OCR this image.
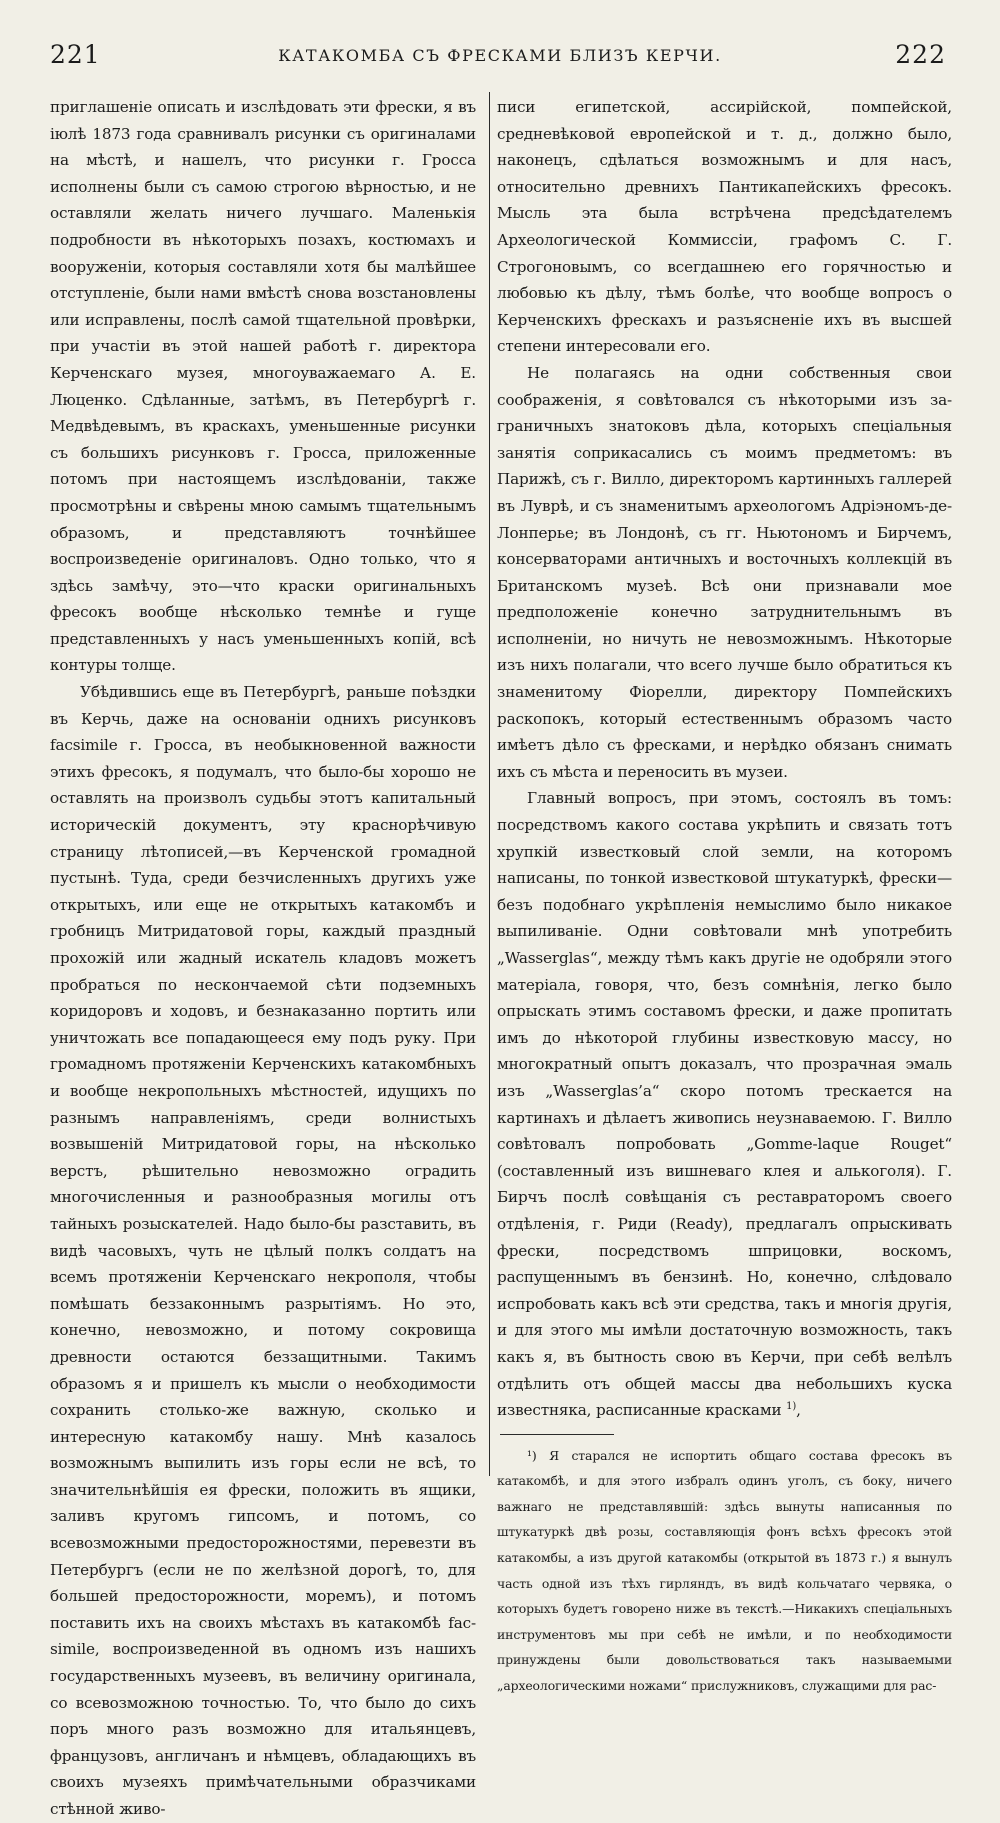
221	КАТАКОМБА СЪ ФРЕСКАМИ БЛИЗЪ КЕРЧИ.	222

приглашеніе описать и изслѣдовать эти фрески, я въ іюлѣ 1873 года сравнивалъ рисунки съ оригиналами на мѣстѣ, и нашелъ, что рисунки г. Гросса исполнены были съ самою строгою вѣрностью, и не оставляли желать ничего лучшаго. Маленькія подробности въ нѣкоторыхъ позахъ, костюмахъ и вооруженіи, которыя составляли хотя бы малѣйшее отступленіе, были нами вмѣстѣ снова возстановлены или исправлены, послѣ самой тщательной провѣрки, при участіи въ этой нашей работѣ г. директора Керченскаго музея, многоуважаемаго А. Е. Люценко. Сдѣланные, затѣмъ, въ Петербургѣ г. Медвѣдевымъ, въ краскахъ, уменьшенные рисунки съ большихъ рисунковъ г. Гросса, приложенные потомъ при настоящемъ изслѣдованіи, также просмотрѣны и свѣрены мною самымъ тщательнымъ образомъ, и представляютъ точнѣйшее воспроизведеніе оригиналовъ. Одно только, что я здѣсь замѣчу, это—что краски оригинальныхъ фресокъ вообще нѣсколько темнѣе и гуще представленныхъ у насъ уменьшенныхъ копій, всѣ контуры толще.

Убѣдившись еще въ Петербургѣ, раньше поѣздки въ Керчь, даже на основаніи однихъ рисунковъ facsimile г. Гросса, въ необыкновенной важности этихъ фресокъ, я подумалъ, что было-бы хорошо не оставлять на произволъ судьбы этотъ капитальный историческій документъ, эту краснорѣчивую страницу лѣтописей,—въ Керченской громадной пустынѣ. Туда, среди безчисленныхъ другихъ уже открытыхъ, или еще не открытыхъ катакомбъ и гробницъ Митридатовой горы, каждый праздный прохожій или жадный искатель кладовъ можетъ пробраться по нескончаемой сѣти подземныхъ коридоровъ и ходовъ, и безнаказанно портить или уничтожать все попадающееся ему подъ руку. При громадномъ протяженіи Керченскихъ катакомбныхъ и вообще некропольныхъ мѣстностей, идущихъ по разнымъ направленіямъ, среди волнистыхъ возвышеній Митридатовой горы, на нѣсколько верстъ, рѣшительно невозможно оградить многочисленныя и разнообразныя могилы отъ тайныхъ розыскателей. Надо было-бы разставить, въ видѣ часовыхъ, чуть не цѣлый полкъ солдатъ на всемъ протяженіи Керченскаго некрополя, чтобы помѣшать беззаконнымъ разрытіямъ. Но это, конечно, невозможно, и потому сокровища древности остаются беззащитными. Такимъ образомъ я и пришелъ къ мысли о необходимости сохранить столько-же важную, сколько и интересную катакомбу нашу. Мнѣ казалось возможнымъ выпилить изъ горы если не всѣ, то значительнѣйшія ея фрески, положить въ ящики, заливъ кругомъ гипсомъ, и потомъ, со всевозможными предосторожностями, перевезти въ Петербургъ (если не по желѣзной дорогѣ, то, для большей предосторожности, моремъ), и потомъ поставить ихъ на своихъ мѣстахъ въ катакомбѣ fac-simile, воспроизведенной въ одномъ изъ нашихъ государственныхъ музеевъ, въ величину оригинала, со всевозможною точностью. То, что было до сихъ поръ много разъ возможно для итальянцевъ, французовъ, англичанъ и нѣмцевъ, обладающихъ въ своихъ музеяхъ примѣчательными образчиками стѣнной живо-

писи египетской, ассирійской, помпейской, средневѣковой европейской и т. д., должно было, наконецъ, сдѣлаться возможнымъ и для насъ, относительно древнихъ Пантикапейскихъ фресокъ. Мысль эта была встрѣчена предсѣдателемъ Археологической Коммиссіи, графомъ С. Г. Строгоновымъ, со всегдашнею его горячностью и любовью къ дѣлу, тѣмъ болѣе, что вообще вопросъ о Керченскихъ фрескахъ и разъясненіе ихъ въ высшей степени интересовали его.

Не полагаясь на одни собственныя свои соображенія, я совѣтовался съ нѣкоторыми изъ за-граничныхъ знатоковъ дѣла, которыхъ спеціальныя занятія соприкасались съ моимъ предметомъ: въ Парижѣ, съ г. Вилло, директоромъ картинныхъ галлерей въ Луврѣ, и съ знаменитымъ археологомъ Адріэномъ-де-Лонперье; въ Лондонѣ, съ гг. Ньютономъ и Бирчемъ, консерваторами античныхъ и восточныхъ коллекцій въ Британскомъ музеѣ. Всѣ они признавали мое предположеніе конечно затруднительнымъ въ исполненіи, но ничуть не невозможнымъ. Нѣкоторые изъ нихъ полагали, что всего лучше было обратиться къ знаменитому Фіорелли, директору Помпейскихъ раскопокъ, который естественнымъ образомъ часто имѣетъ дѣло съ фресками, и нерѣдко обязанъ снимать ихъ съ мѣста и переносить въ музеи.

Главный вопросъ, при этомъ, состоялъ въ томъ: посредствомъ какого состава укрѣпить и связать тотъ хрупкій известковый слой земли, на которомъ написаны, по тонкой известковой штукатуркѣ, фрески—безъ подобнаго укрѣпленія немыслимо было никакое выпиливаніе. Одни совѣтовали мнѣ употребить „Wasserglas“, между тѣмъ какъ другіе не одобряли этого матеріала, говоря, что, безъ сомнѣнія, легко было опрыскать этимъ составомъ фрески, и даже пропитать имъ до нѣкоторой глубины известковую массу, но многократный опытъ доказалъ, что прозрачная эмаль изъ „Wasserglas’a“ скоро потомъ трескается на картинахъ и дѣлаетъ живопись неузнаваемою. Г. Вилло совѣтовалъ попробовать „Gomme-laque Rouget“ (составленный изъ вишневаго клея и алькоголя). Г. Бирчъ послѣ совѣщанія съ реставраторомъ своего отдѣленія, г. Риди (Ready), предлагалъ опрыскивать фрески, посредствомъ шприцовки, воскомъ, распущеннымъ въ бензинѣ. Но, конечно, слѣдовало испробовать какъ всѣ эти средства, такъ и многія другія, и для этого мы имѣли достаточную возможность, такъ какъ я, въ бытность свою въ Керчи, при себѣ велѣлъ отдѣлить отъ общей массы два небольшихъ куска известняка, расписанные красками $^{1)}$,

¹) Я старался не испортить общаго состава фресокъ въ катакомбѣ, и для этого избралъ одинъ уголъ, съ боку, ничего важнаго не представлявшій: здѣсь вынуты написанныя по штукатуркѣ двѣ розы, составляющія фонъ всѣхъ фресокъ этой катакомбы, а изъ другой катакомбы (открытой въ 1873 г.) я вынулъ часть одной изъ тѣхъ гирляндъ, въ видѣ кольчатаго червяка, о которыхъ будетъ говорено ниже въ текстѣ.—Никакихъ спеціальныхъ инструментовъ мы при себѣ не имѣли, и по необходимости принуждены были довольствоваться такъ называемыми „археологическими ножами“ прислужниковъ, служащими для рас-
